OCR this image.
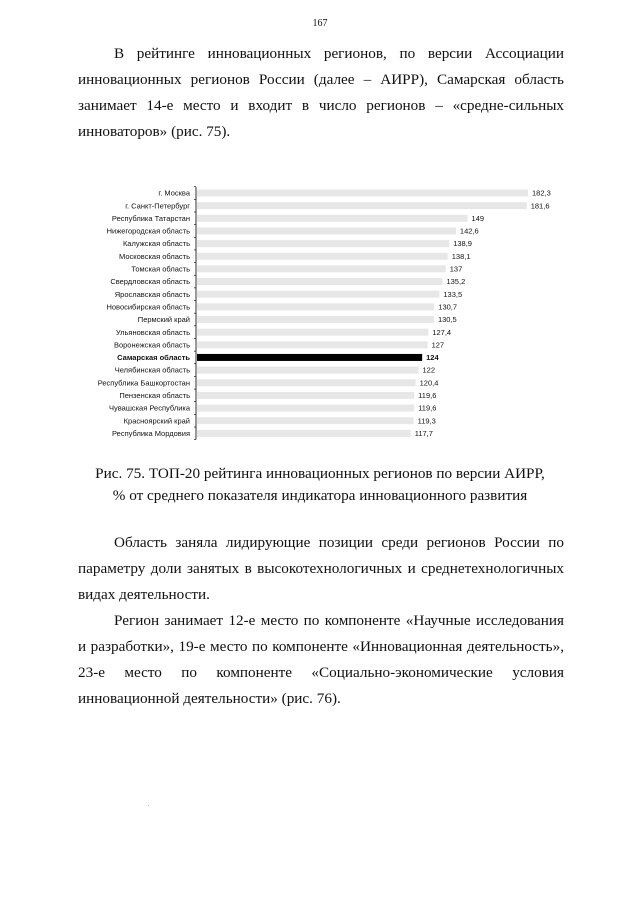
167

В рейтинге инновационных регионов, по версии Ассоциации инновационных регионов России (далее – АИРР), Самарская область занимает 14-е место и входит в число регионов – «средне-сильных инноваторов» (рис. 75).

г. Москва	182,3
г. Санкт-Петербург	181,6
Республика Татарстан	149
Нижегородская область	142,6
Калужская область	138,9
Московская область	138,1
Томская область	137
Свердловская область	135,2
Ярославская область	133,5
Новосибирская область	130,7
Пермский край	130,5
Ульяновская область	127,4
Воронежская область	127
Самарская область	124
Челябинская область	122
Республика Башкортостан	120,4
Пензенская область	119,6
Чувашская Республика	119,6
Красноярский край	119,3
Республика Мордовия	117,7
Рис. 75. ТОП-20 рейтинга инновационных регионов по версии АИРР,
% от среднего показателя индикатора инновационного развития

Область заняла лидирующие позиции среди регионов России по параметру доли занятых в высокотехнологичных и среднетехнологичных видах деятельности.

Регион занимает 12-е место по компоненте «Научные исследования и разработки», 19-е место по компоненте «Инновационная деятельность», 23-е место по компоненте «Социально-экономические условия инновационной деятельности» (рис. 76).
